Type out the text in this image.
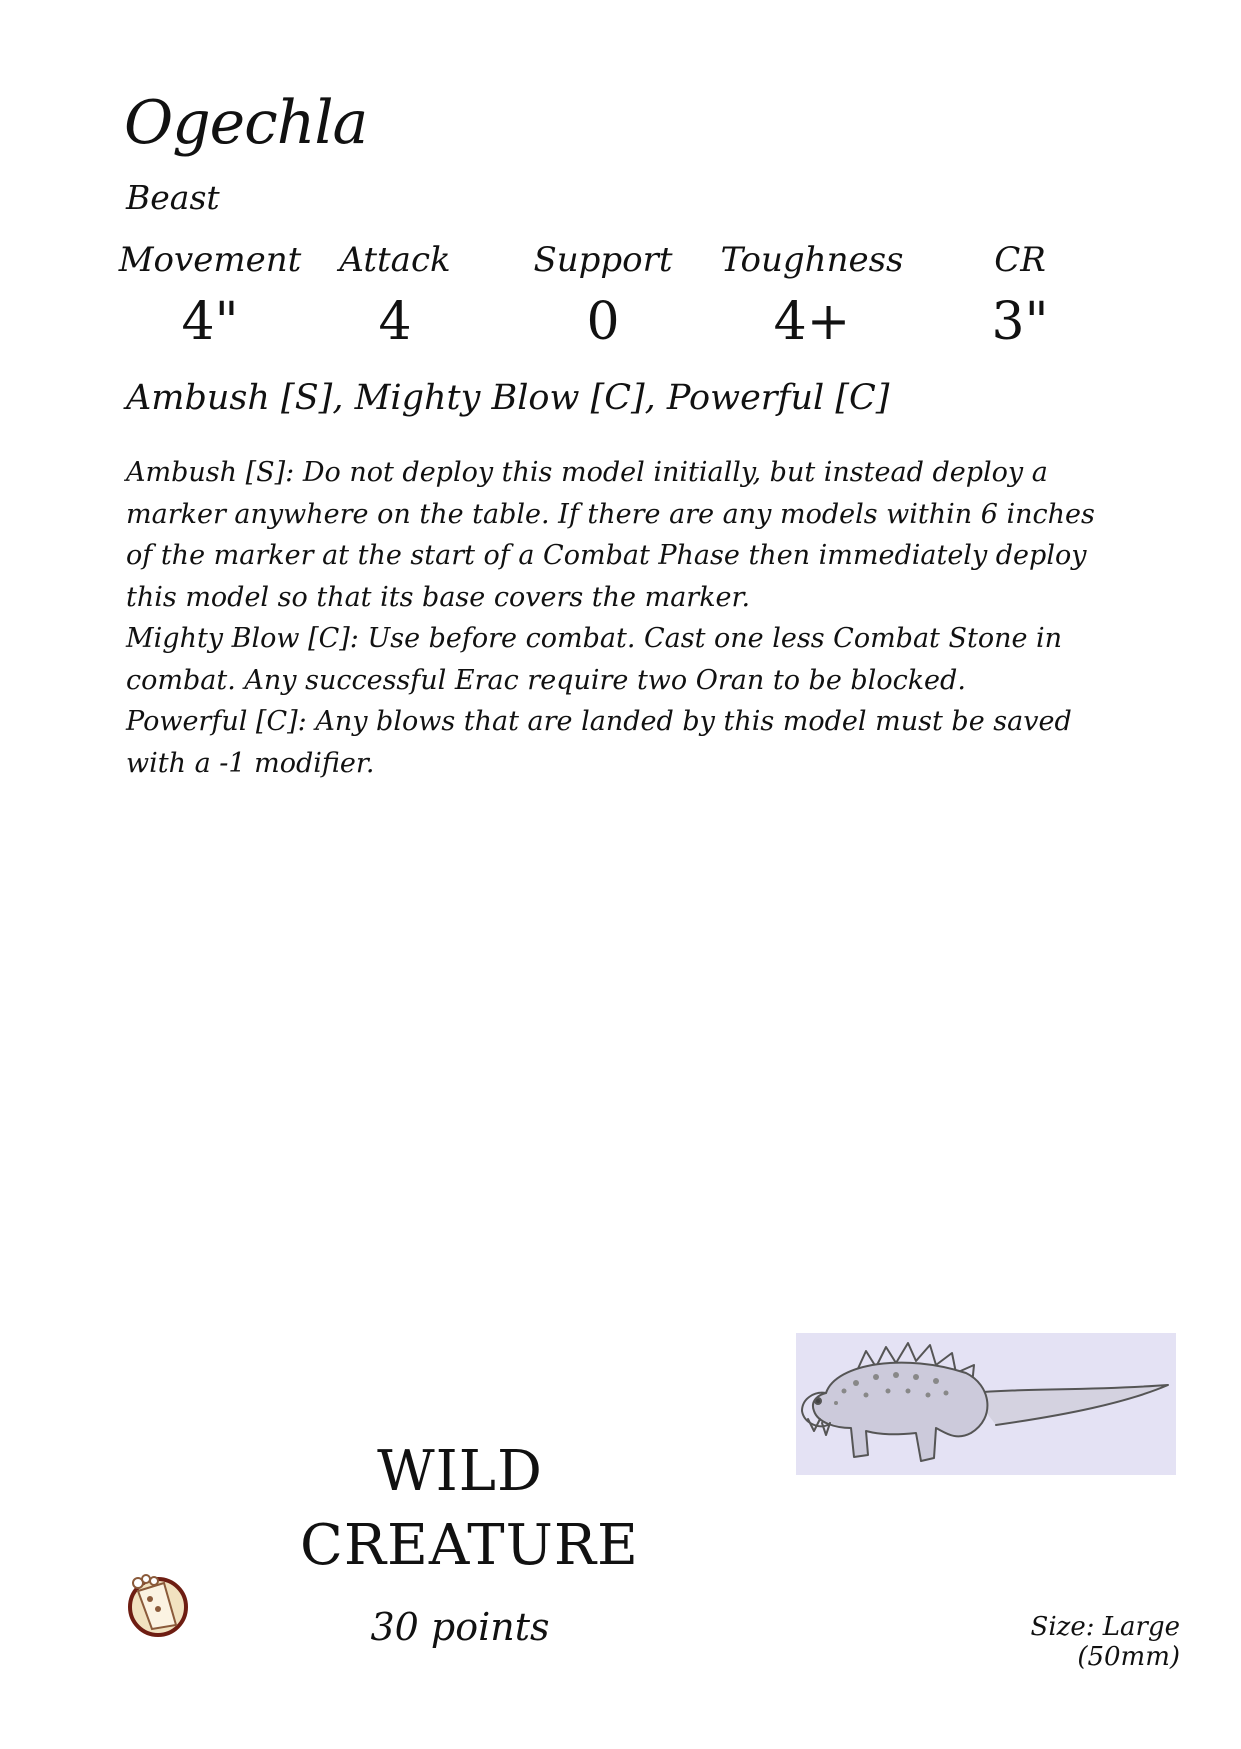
Ogechla
Beast
Movement
4"
Attack
4
Support
0
Toughness
4+
CR
3"
Ambush [S], Mighty Blow [C], Powerful [C]

Ambush [S]: Do not deploy this model initially, but instead deploy a marker anywhere on the table. If there are any models within 6 inches of the marker at the start of a Combat Phase then immediately deploy this model so that its base covers the marker.

Mighty Blow [C]: Use before combat. Cast one less Combat Stone in combat. Any successful Erac require two Oran to be blocked.

Powerful [C]: Any blows that are landed by this model must be saved with a -1 modifier.

WILD
CREATURE
30 points	Size: Large (50mm)
